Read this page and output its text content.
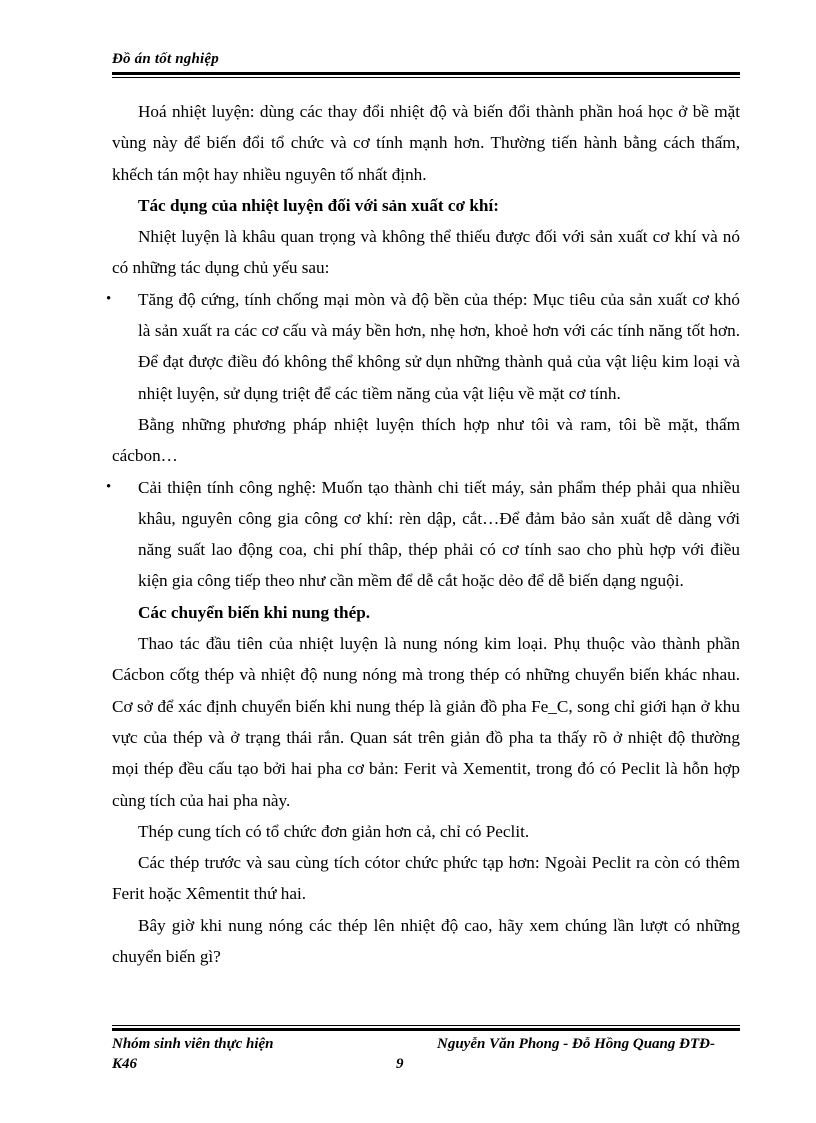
Đồ án tốt nghiệp

Hoá nhiệt luyện: dùng các thay đổi nhiệt độ và biến đổi thành phần hoá học ở bề mặt vùng này để biến đổi tổ chức và cơ tính mạnh hơn. Thường tiến hành bằng cách thấm, khếch tán một hay nhiều nguyên tố nhất định.

Tác dụng của nhiệt luyện đối với sản xuất cơ khí:

Nhiệt luyện là khâu quan trọng và không thể thiếu được đối với sản xuất cơ khí và nó có những tác dụng chủ yếu sau:

• Tăng độ cứng, tính chống mại mòn và độ bền của thép: Mục tiêu của sản xuất cơ khó là sản xuất ra các cơ cấu và máy bền hơn, nhẹ hơn, khoẻ hơn với các tính năng tốt hơn. Để đạt được điều đó không thể không sử dụn những thành quả của vật liệu kim loại và nhiệt luyện, sử dụng triệt để các tiềm năng của vật liệu về mặt cơ tính.

Bằng những phương pháp nhiệt luyện thích hợp như tôi và ram, tôi bề mặt, thấm cácbon…

• Cải thiện tính công nghệ: Muốn tạo thành chi tiết máy, sản phẩm thép phải qua nhiều khâu, nguyên công gia công cơ khí: rèn dập, cắt…Để đảm bảo sản xuất dễ dàng với năng suất lao động coa, chi phí thâp, thép phải có cơ tính sao cho phù hợp với điều kiện gia công tiếp theo như cần mềm để dễ cắt hoặc dẻo để dễ biến dạng nguội.

Các chuyển biến khi nung thép.

Thao tác đầu tiên của nhiệt luyện là nung nóng kim loại. Phụ thuộc vào thành phần Cácbon cốtg thép và nhiệt độ nung nóng mà trong thép có những chuyển biến khác nhau. Cơ sở để xác định chuyển biến khi nung thép là giản đồ pha Fe_C, song chỉ giới hạn ở khu vực của thép và ở trạng thái rắn. Quan sát trên giản đồ pha ta thấy rõ ở nhiệt độ thường mọi thép đều cấu tạo bởi hai pha cơ bản: Ferit và Xementit, trong đó có Peclit là hỗn hợp cùng tích của hai pha này.

Thép cung tích có tổ chức đơn giản hơn cả, chỉ có Peclit.

Các thép trước và sau cùng tích cótor chức phức tạp hơn: Ngoài Peclit ra còn có thêm Ferit hoặc Xêmentit thứ hai.

Bây giờ khi nung nóng các thép lên nhiệt độ cao, hãy xem chúng lần lượt có những chuyển biến gì?

Nhóm sinh viên thực hiện	Nguyễn Văn Phong - Đỗ Hồng Quang ĐTĐ-
K46	9
